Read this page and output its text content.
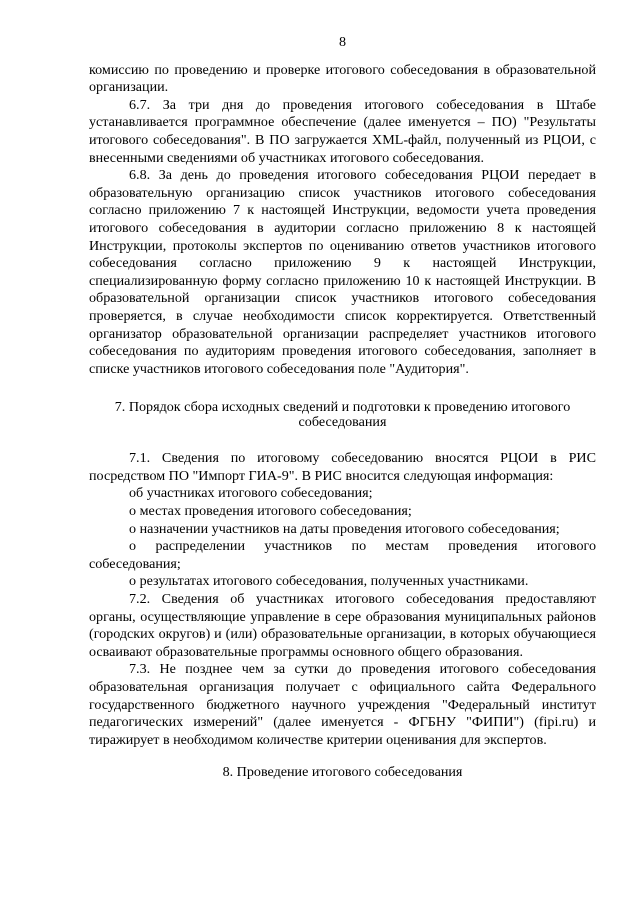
8

комиссию по проведению и проверке итогового собеседования в образовательной организации.

6.7. За три дня до проведения итогового собеседования в Штабе устанавливается программное обеспечение (далее именуется – ПО) "Результаты итогового собеседования". В ПО загружается XML-файл, полученный из РЦОИ, с внесенными сведениями об участниках итогового собеседования.

6.8. За день до проведения итогового собеседования РЦОИ передает в образовательную организацию список участников итогового собеседования согласно приложению 7 к настоящей Инструкции, ведомости учета проведения итогового собеседования в аудитории согласно приложению 8 к настоящей Инструкции, протоколы экспертов по оцениванию ответов участников итогового собеседования согласно приложению 9 к настоящей Инструкции, специализированную форму согласно приложению 10 к настоящей Инструкции. В образовательной организации список участников итогового собеседования проверяется, в случае необходимости список корректируется. Ответственный организатор образовательной организации распределяет участников итогового собеседования по аудиториям проведения итогового собеседования, заполняет в списке участников итогового собеседования поле "Аудитория".

7. Порядок сбора исходных сведений и подготовки к проведению итогового собеседования

7.1. Сведения по итоговому собеседованию вносятся РЦОИ в РИС посредством ПО "Импорт ГИА-9". В РИС вносится следующая информация:

об участниках итогового собеседования;

о местах проведения итогового собеседования;

о назначении участников на даты проведения итогового собеседования;

о распределении участников по местам проведения итогового собеседования;

о результатах итогового собеседования, полученных участниками.

7.2. Сведения об участниках итогового собеседования предоставляют органы, осуществляющие управление в сере образования муниципальных районов (городских округов) и (или) образовательные организации, в которых обучающиеся осваивают образовательные программы основного общего образования.

7.3. Не позднее чем за сутки до проведения итогового собеседования образовательная организация получает с официального сайта Федерального государственного бюджетного научного учреждения "Федеральный институт педагогических измерений" (далее именуется - ФГБНУ "ФИПИ") (fipi.ru) и тиражирует в необходимом количестве критерии оценивания для экспертов.

8. Проведение итогового собеседования
